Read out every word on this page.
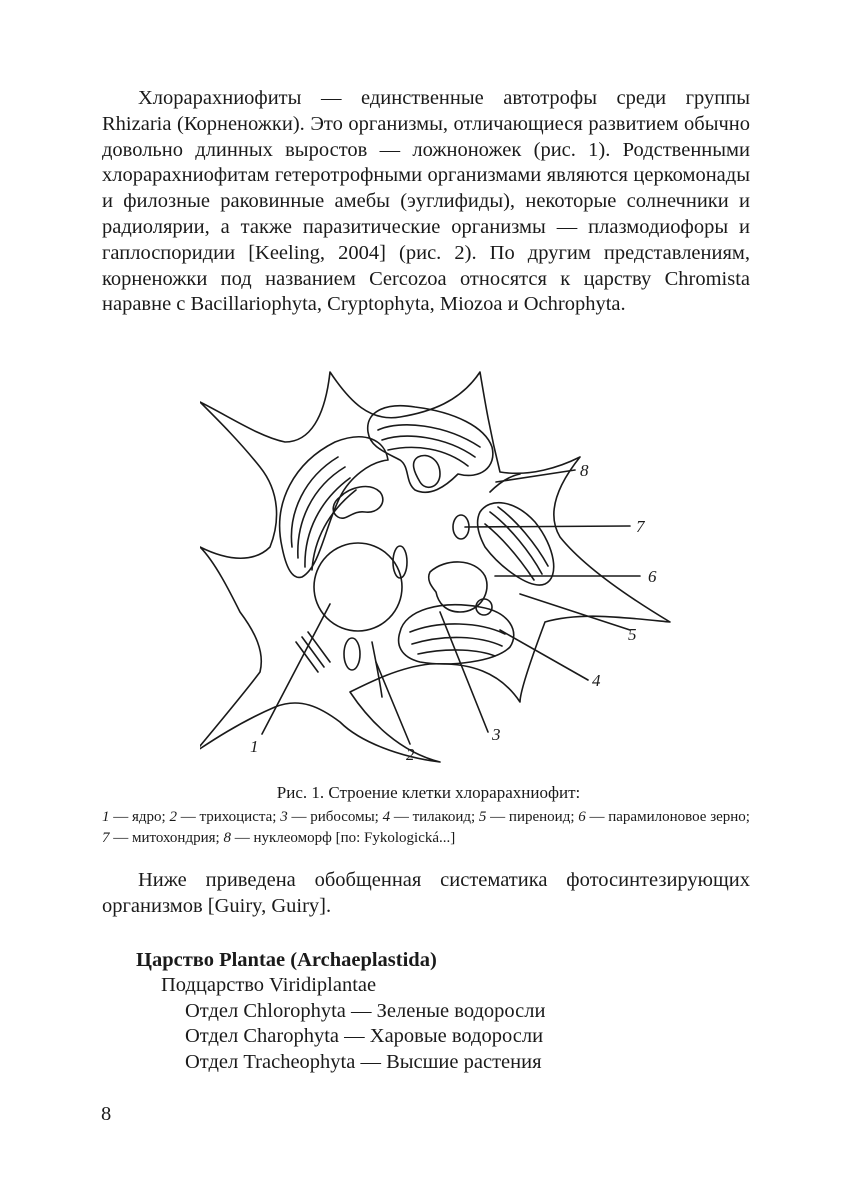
Хлорарахниофиты — единственные автотрофы среди группы Rhizaria (Корненожки). Это организмы, отличающиеся развитием обычно довольно длинных выростов — ложноножек (рис. 1). Родственными хлорарахниофитам гетеротрофными организмами являются церкомонады и филозные раковинные амебы (эуглифиды), некоторые солнечники и радиолярии, а также паразитические организмы — плазмодиофоры и гаплоспоридии [Keeling, 2004] (рис. 2). По другим представлениям, корненожки под названием Cercozoa относятся к царству Chromista наравне с Bacillariophyta, Cryptophyta, Miozoa и Ochrophyta.

1	2
3
4
5
6
7
8

Рис. 1. Строение клетки хлорарахниофит:

1 — ядро; 2 — трихоциста; 3 — рибосомы; 4 — тилакоид; 5 — пиреноид; 6 — парамилоновое зерно; 7 — митохондрия; 8 — нуклеоморф [по: Fykologická...]

Ниже приведена обобщенная систематика фотосинтезирующих организмов [Guiry, Guiry].

Царство Plantae (Archaeplastida)

Подцарство Viridiplantae

Отдел Chlorophyta — Зеленые водоросли

Отдел Charophyta — Харовые водоросли

Отдел Tracheophyta — Высшие растения

8
